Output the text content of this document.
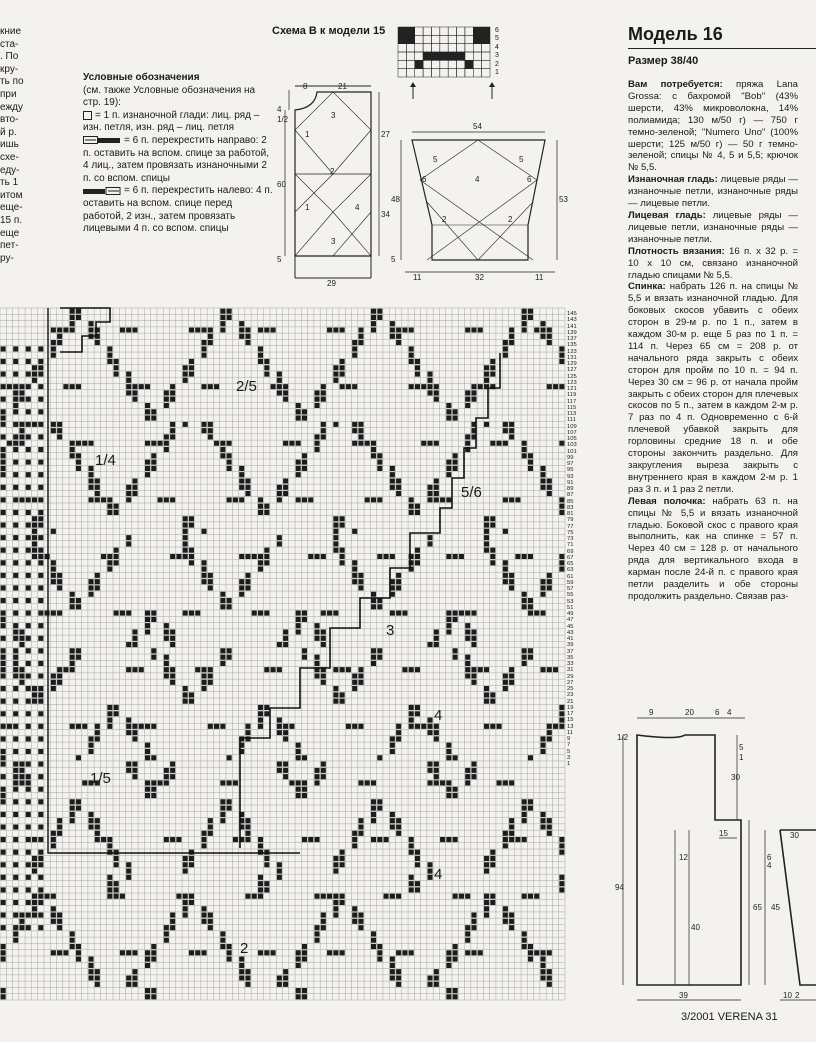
кние
ста-
. По
кру-
ть по
при
ежду
вто-
й р.
ишь
схе-
еду-
ть 1
итом
еще-
15 п.
еще
пет-
ру-
Схема В к модели 15	6
5
4
3
2
1
Условные обозначения

(см. также Условные обозначения на стр. 19):

= 1 п. изнаночной глади: лиц. ряд – изн. петля, изн. ряд – лиц. петля

= 6 п. перекрестить направо: 2 п. оставить на вспом. спице за работой, 4 лиц., затем провязать изнаночными 2 п. со вспом. спицы

= 6 п. перекрестить налево: 4 п. оставить на вспом. спице перед работой, 2 изн., затем провязать лицевыми 4 п. со вспом. спицы

8	21
4
1/2
27
60
34
5
29
1
3
2
1	4
3
54
48	53
5
11	32	11
5	5
6	4	6
2	2
Модель 16
Размер 38/40

Вам потребуется: пряжа Lana Grossa: с бахромой "Bob" (43% шерсти, 43% микроволокна, 14% полиамида; 130 м/50 г) — 750 г темно-зеленой; "Numero Uno" (100% шерсти; 125 м/50 г) — 50 г темно-зеленой; спицы № 4, 5 и 5,5; крючок № 5,5.

Изнаночная гладь: лицевые ряды — изнаночные петли, изнаночные ряды — лицевые петли.

Лицевая гладь: лицевые ряды — лицевые петли, изнаночные ряды — изнаночные петли.

Плотность вязания: 16 п. x 32 р. = 10 x 10 см, связано изнаночной гладью спицами № 5,5.

Спинка: набрать 126 п. на спицы № 5,5 и вязать изнаночной гладью. Для боковых скосов убавить с обеих сторон в 29-м р. по 1 п., затем в каждом 30-м р. еще 5 раз по 1 п. = 114 п. Через 65 см = 208 р. от начального ряда закрыть с обеих сторон для пройм по 10 п. = 94 п. Через 30 см = 96 р. от начала пройм закрыть с обеих сторон для плечевых скосов по 5 п., затем в каждом 2-м р. 7 раз по 4 п. Одновременно с 6-й плечевой убавкой закрыть для горловины средние 18 п. и обе стороны закончить раздельно. Для закругления выреза закрыть с внутреннего края в каждом 2-м р. 1 раз 3 п. и 1 раз 2 петли.

Левая полочка: набрать 63 п. на спицы № 5,5 и вязать изнаночной гладью. Боковой скос с правого края выполнить, как на спинке = 57 п. Через 40 см = 128 р. от начального ряда для вертикального входа в карман после 24-й п. с правого края петли разделить и обе стороны продолжить раздельно. Связав раз-

145
143
141
139
137
135
133
131
129
127
125
123
121
119
117
115
113
111
109
107
105
103
101
99
97
95
93
91
89
87
85
83
81
79
77
75
73
71
69
67
65
63
61
59
57
55
53
51
49
47
45
43
41
39
37
35
33
31
29
27
25
23
21
19
17
15
13
11
9
7
5
3
1
2/5
1/4
5/6
3
4
1/5
4
2
9	20	6 4
1/2
5
1
30
15
12
94
65
40
45
6
4
39
30
10 2
3/2001 VERENA 31
